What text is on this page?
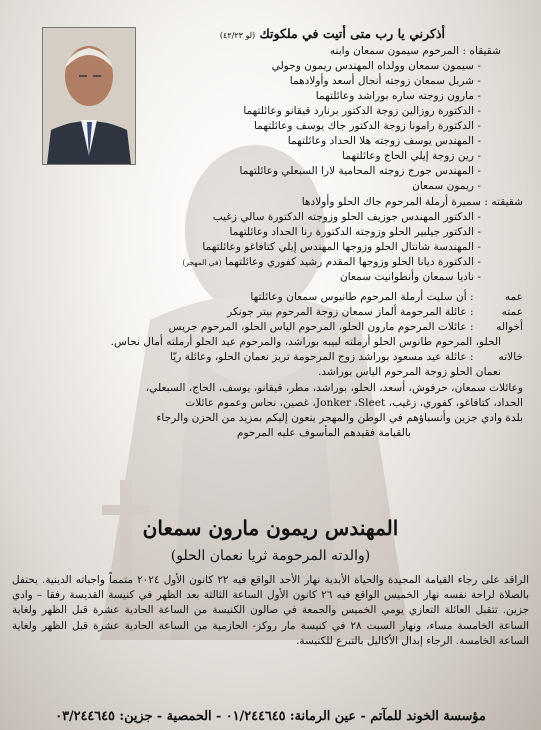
أذكرني يا رب متى أتيت في ملكوتك (لو ٤٢/٢٣)
شقيقاه : المرحوم سيمون سمعان وابنه
- سيمون سمعان وولداه المهندس ريمون وجولي
- شربل سمعان زوجته أنجال أسعد وأولادهما
- مارون زوجته ساره بوراشد وعائلتهما
- الدكتورة روزالين زوجة الدكتور برنارد قيقانو وعائلتهما
- الدكتورة رامونا زوجة الدكتور جاك يوسف وعائلتهما
- المهندس يوسف زوجته هلا الحداد وعائلتهما
- رين زوجة إيلي الحاج وعائلتهما
- المهندس جورج زوجته المحامية لارا السبعلي وعائلتهما
- ريمون سمعان
شقيقته : سميرة أرملة المرحوم جاك الحلو وأولادها
- الدكتور المهندس جوزيف الحلو وزوجته الدكتورة سالي زغيب
- الدكتور جيلبير الحلو وزوجته الدكتورة رنا الحداد وعائلتهما
- المهندسة شانتال الحلو وزوجها المهندس إيلي كتافاغو وعائلتهما
- الدكتورة ديانا الحلو وزوجها المقدم رشيد كفوري وعائلتهما (في المهجر)
- ناديا سمعان وأنطوانيت سمعان
عمه : أن سليت أرملة المرحوم طانيوس سمعان وعائلتها
عمته : عائلة المرحومة ألماز سمعان زوجة المرحوم بيتر جونكر
أخواله : عائلات المرحوم مارون الحلو، المرحوم الياس الحلو، المرحوم جريس
الحلو، المرحوم طانوس الحلو أرملته لبيبه بوراشد، والمرحوم عيد الحلو أرملته أمال نحاس.
خالاته : عائلة عيد مسعود بوراشد زوج المرحومة تريز نعمان الحلو، وعائلة ريّا
نعمان الحلو زوجة المرحوم الياس بوراشد.
وعائلات سمعان، حرفوش، أسعد، الحلو، بوراشد، مطر، قيقانو، يوسف، الحاج، السبعلي،
الحداد، كتافاغو، كفوري، زغيب، Jonker ،Sleet، غصين، نحاس وعموم عائلات
بلدة وادي جزين وأنسباؤهم في الوطن والمهجر ينعون إليكم بمزيد من الحزن والرجاء
بالقيامة فقيدهم المأسوف عليه المرحوم
المهندس ريمون مارون سمعان
(والدته المرحومة ثريا نعمان الحلو)
الراقد على رجاء القيامة المجيدة والحياة الأبدية نهار الأحد الواقع فيه ٢٢ كانون الأول ٢٠٢٤ متمماً واجباته الدينية. يحتفل بالصلاة لراحة نفسه نهار الخميس الواقع فيه ٢٦ كانون الأول الساعة الثالثة بعد الظهر في كنيسة القديسة رفقا – وادي جزين. تتقبل العائلة التعازي يومي الخميس والجمعة في صالون الكنيسة من الساعة الحادية عشرة قبل الظهر ولغاية الساعة الخامسة مساء، ونهار السبت ٢٨ في كنيسة مار روكز- الحازمية من الساعة الحادية عشرة قبل الظهر ولغاية الساعة الخامسة. الرجاء إبدال الأكاليل بالتبرع للكنيسة.
مؤسسة الخوند للمآتم - عين الرمانة: ٠١/٢٤٤٦٤٥ - الحمصية - جزين: ٠٣/٢٤٤٦٤٥
